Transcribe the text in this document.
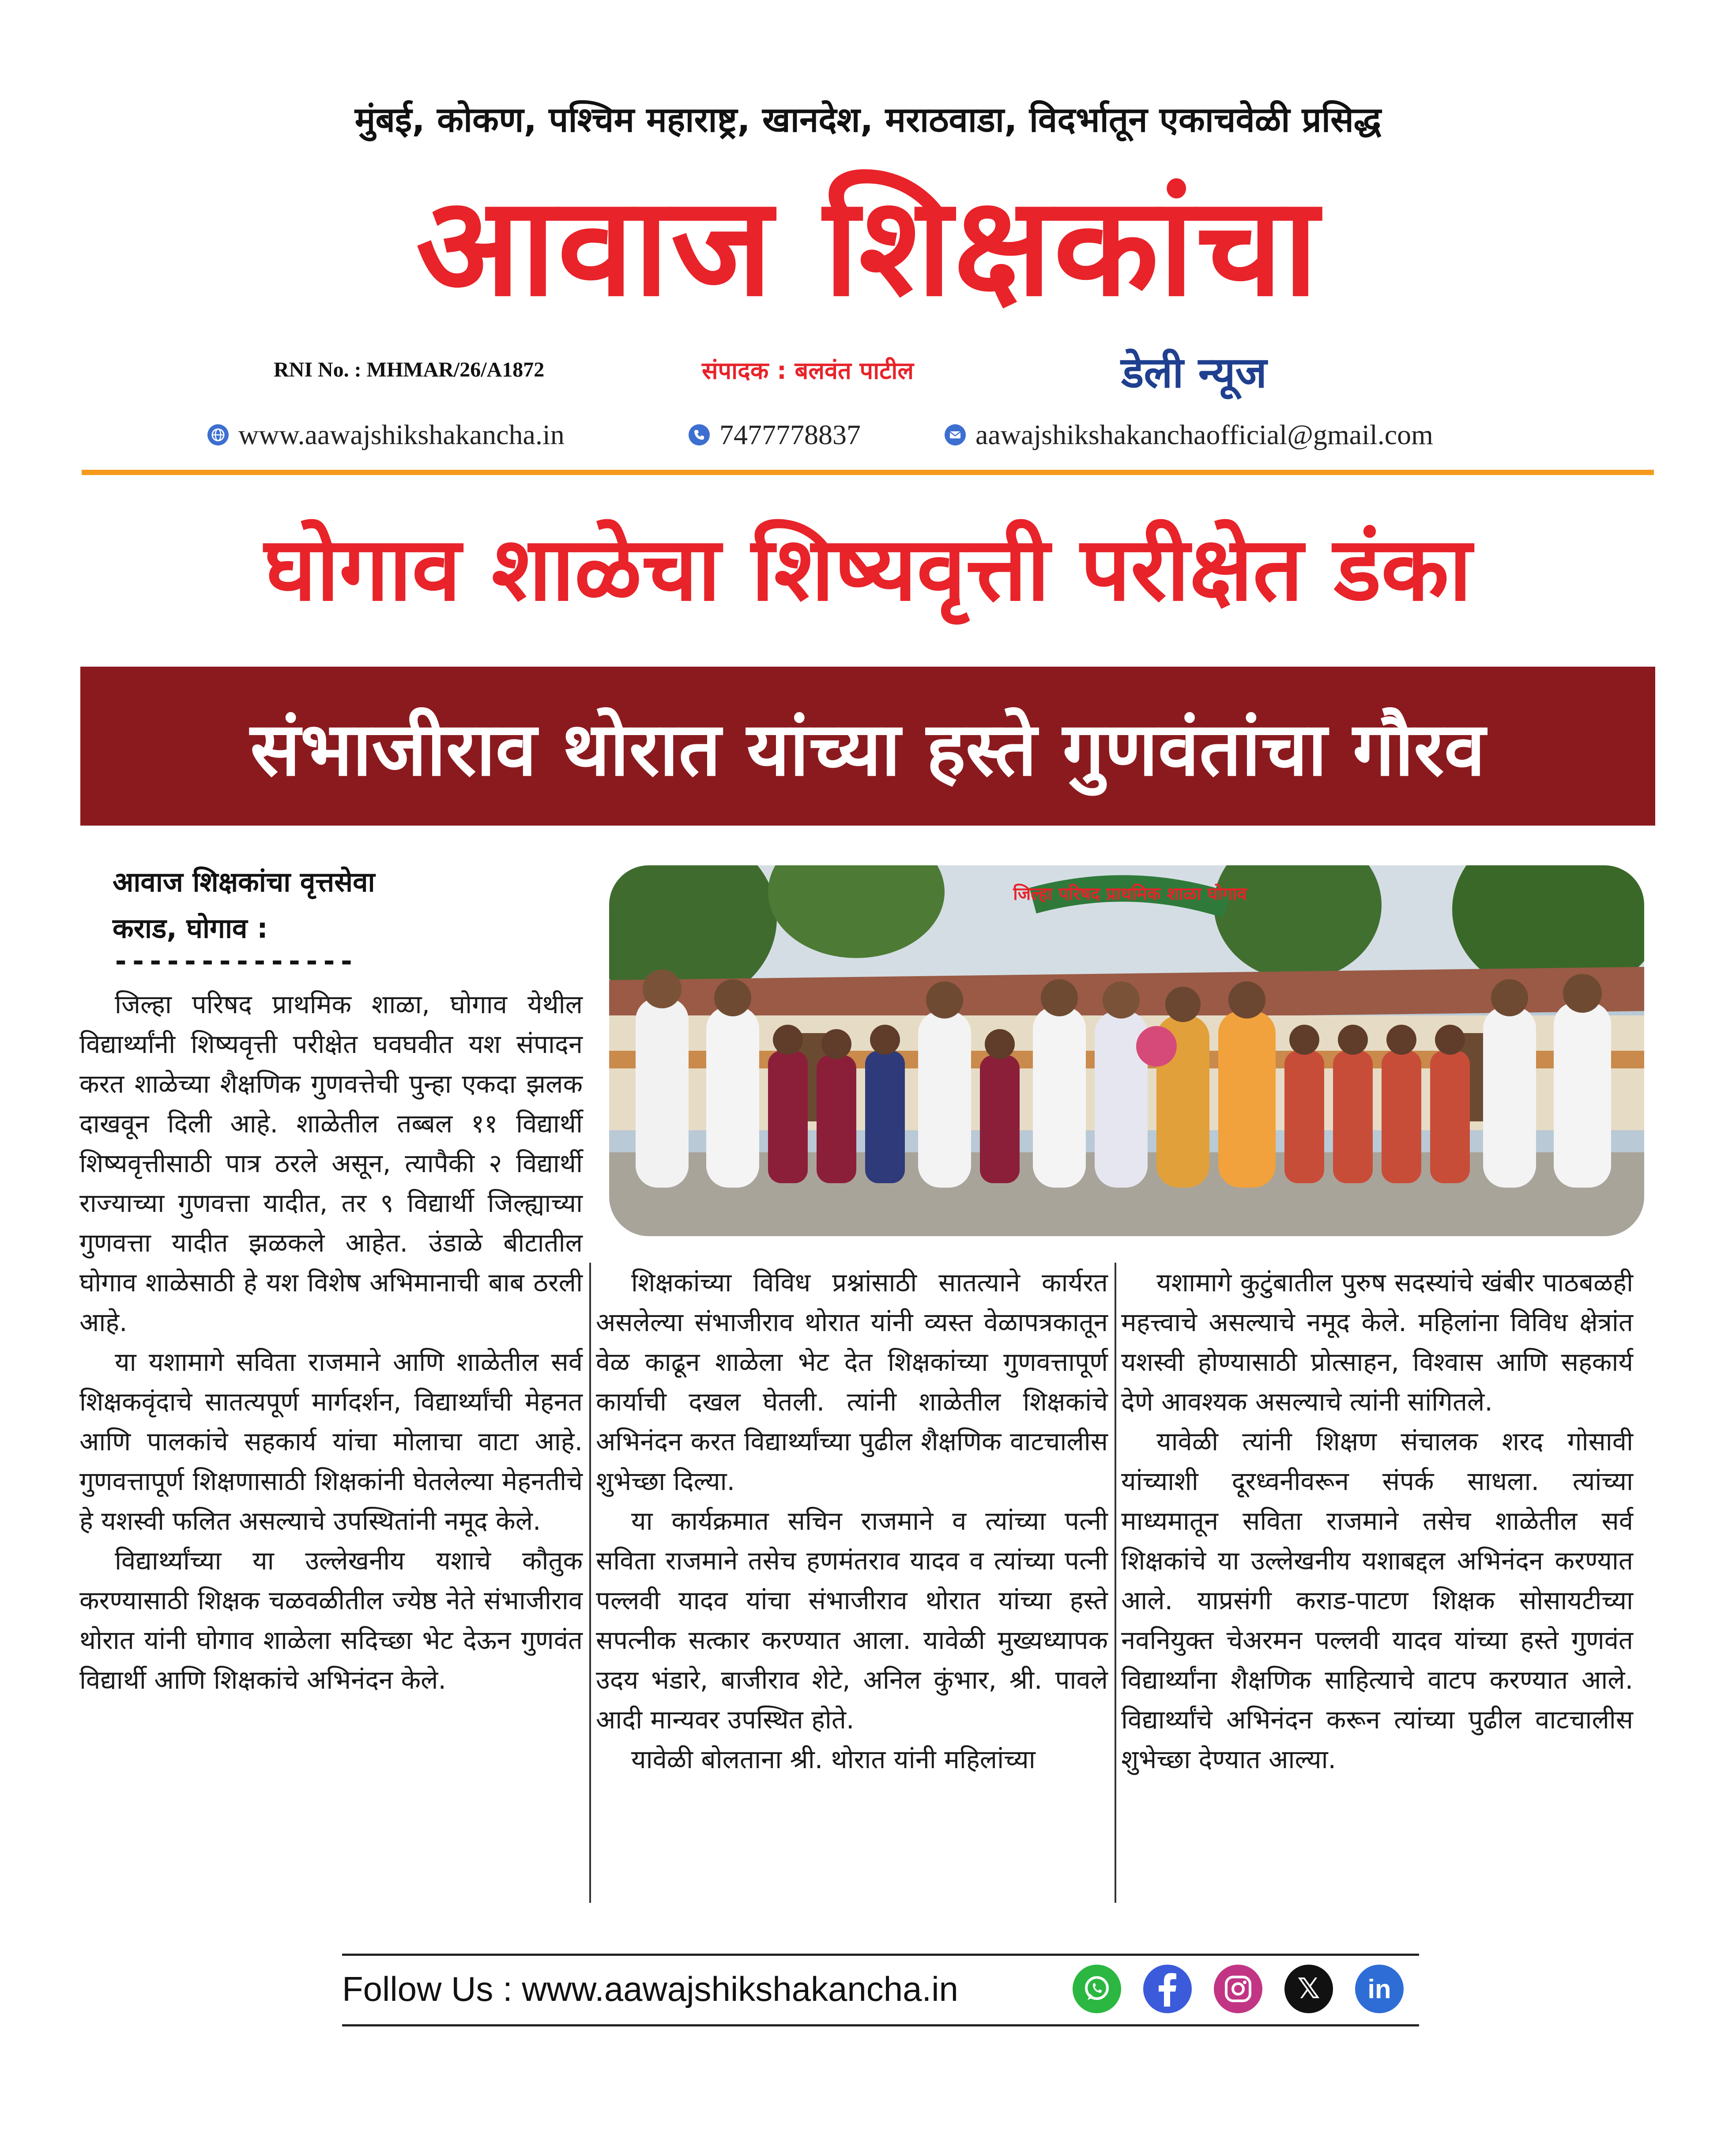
मुंबई, कोकण, पश्चिम महाराष्ट्र, खानदेश, मराठवाडा, विदर्भातून एकाचवेळी प्रसिद्ध
आवाज शिक्षकांचा
RNI No. : MHMAR/26/A1872	संपादक : बलवंत पाटील	डेली न्यूज
www.aawajshikshakancha.in	7477778837	aawajshikshakanchaofficial@gmail.com
घोगाव शाळेचा शिष्यवृत्ती परीक्षेत डंका
संभाजीराव थोरात यांच्या हस्ते गुणवंतांचा गौरव
आवाज शिक्षकांचा वृत्तसेवा
कराड, घोगाव :
--------------
जिल्हा परिषद प्राथमिक शाळा घोगाव

जिल्हा परिषद प्राथमिक शाळा, घोगाव येथील विद्यार्थ्यांनी शिष्यवृत्ती परीक्षेत घवघवीत यश संपादन करत शाळेच्या शैक्षणिक गुणवत्तेची पुन्हा एकदा झलक दाखवून दिली आहे. शाळेतील तब्बल ११ विद्यार्थी शिष्यवृत्तीसाठी पात्र ठरले असून, त्यापैकी २ विद्यार्थी राज्याच्या गुणवत्ता यादीत, तर ९ विद्यार्थी जिल्ह्याच्या गुणवत्ता यादीत झळकले आहेत. उंडाळे बीटातील घोगाव शाळेसाठी हे यश विशेष अभिमानाची बाब ठरली आहे.

या यशामागे सविता राजमाने आणि शाळेतील सर्व शिक्षकवृंदाचे सातत्यपूर्ण मार्गदर्शन, विद्यार्थ्यांची मेहनत आणि पालकांचे सहकार्य यांचा मोलाचा वाटा आहे. गुणवत्तापूर्ण शिक्षणासाठी शिक्षकांनी घेतलेल्या मेहनतीचे हे यशस्वी फलित असल्याचे उपस्थितांनी नमूद केले.

विद्यार्थ्यांच्या या उल्लेखनीय यशाचे कौतुक करण्यासाठी शिक्षक चळवळीतील ज्येष्ठ नेते संभाजीराव थोरात यांनी घोगाव शाळेला सदिच्छा भेट देऊन गुणवंत विद्यार्थी आणि शिक्षकांचे अभिनंदन केले.

शिक्षकांच्या विविध प्रश्नांसाठी सातत्याने कार्यरत असलेल्या संभाजीराव थोरात यांनी व्यस्त वेळापत्रकातून वेळ काढून शाळेला भेट देत शिक्षकांच्या गुणवत्तापूर्ण कार्याची दखल घेतली. त्यांनी शाळेतील शिक्षकांचे अभिनंदन करत विद्यार्थ्यांच्या पुढील शैक्षणिक वाटचालीस शुभेच्छा दिल्या.

या कार्यक्रमात सचिन राजमाने व त्यांच्या पत्नी सविता राजमाने तसेच हणमंतराव यादव व त्यांच्या पत्नी पल्लवी यादव यांचा संभाजीराव थोरात यांच्या हस्ते सपत्नीक सत्कार करण्यात आला. यावेळी मुख्यध्यापक उदय भंडारे, बाजीराव शेटे, अनिल कुंभार, श्री. पावले आदी मान्यवर उपस्थित होते.

यावेळी बोलताना श्री. थोरात यांनी महिलांच्या

यशामागे कुटुंबातील पुरुष सदस्यांचे खंबीर पाठबळही महत्त्वाचे असल्याचे नमूद केले. महिलांना विविध क्षेत्रांत यशस्वी होण्यासाठी प्रोत्साहन, विश्वास आणि सहकार्य देणे आवश्यक असल्याचे त्यांनी सांगितले.

यावेळी त्यांनी शिक्षण संचालक शरद गोसावी यांच्याशी दूरध्वनीवरून संपर्क साधला. त्यांच्या माध्यमातून सविता राजमाने तसेच शाळेतील सर्व शिक्षकांचे या उल्लेखनीय यशाबद्दल अभिनंदन करण्यात आले. याप्रसंगी कराड-पाटण शिक्षक सोसायटीच्या नवनियुक्त चेअरमन पल्लवी यादव यांच्या हस्ते गुणवंत विद्यार्थ्यांना शैक्षणिक साहित्याचे वाटप करण्यात आले. विद्यार्थ्यांचे अभिनंदन करून त्यांच्या पुढील वाटचालीस शुभेच्छा देण्यात आल्या.

Follow Us : www.aawajshikshakancha.in	𝕏 in
